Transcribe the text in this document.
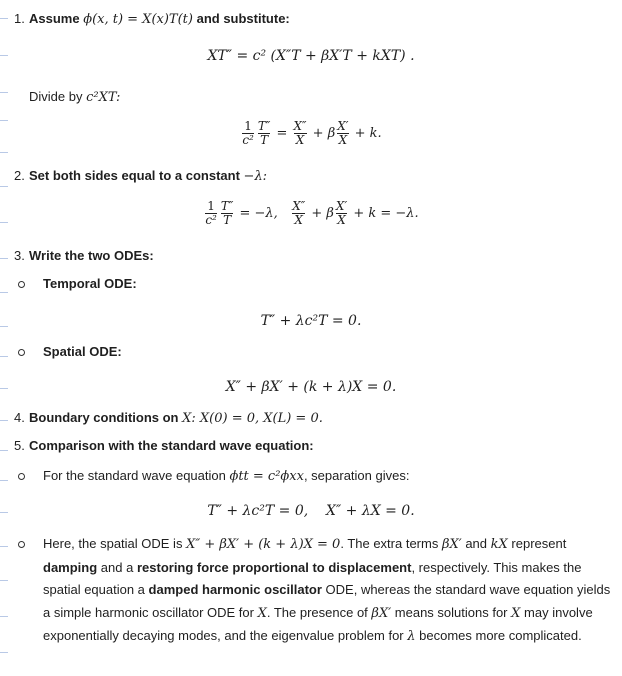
1. Assume ϕ(x, t) = X(x)T(t) and substitute:
XT″ = c² (X″T + βX′T + kXT) .
Divide by c²XT:
$\frac{1}{\text{c²}} \frac{T''}{T} = \frac{X''}{X} + \beta \frac{X'}{X} + k$.
2. Set both sides equal to a constant −λ:
$\frac{1}{\text{c²}} \frac{T''}{T} = -\lambda$, $\frac{X''}{X} + \beta \frac{X'}{X} + k = -\lambda$.
3. Write the two ODEs:
Temporal ODE:
T″ + λc²T = 0.
Spatial ODE:
X″ + βX′ + (k + λ)X = 0.
4. Boundary conditions on X: X(0) = 0, X(L) = 0.
5. Comparison with the standard wave equation:
For the standard wave equation ϕtt = c²ϕxx, separation gives:
T″ + λc²T = 0,    X″ + λX = 0.
Here, the spatial ODE is X″ + βX′ + (k + λ)X = 0. The extra terms βX′ and kX represent damping and a restoring force proportional to displacement, respectively. This makes the spatial equation a damped harmonic oscillator ODE, whereas the standard wave equation yields a simple harmonic oscillator ODE for X. The presence of βX′ means solutions for X may involve exponentially decaying modes, and the eigenvalue problem for λ becomes more complicated.
